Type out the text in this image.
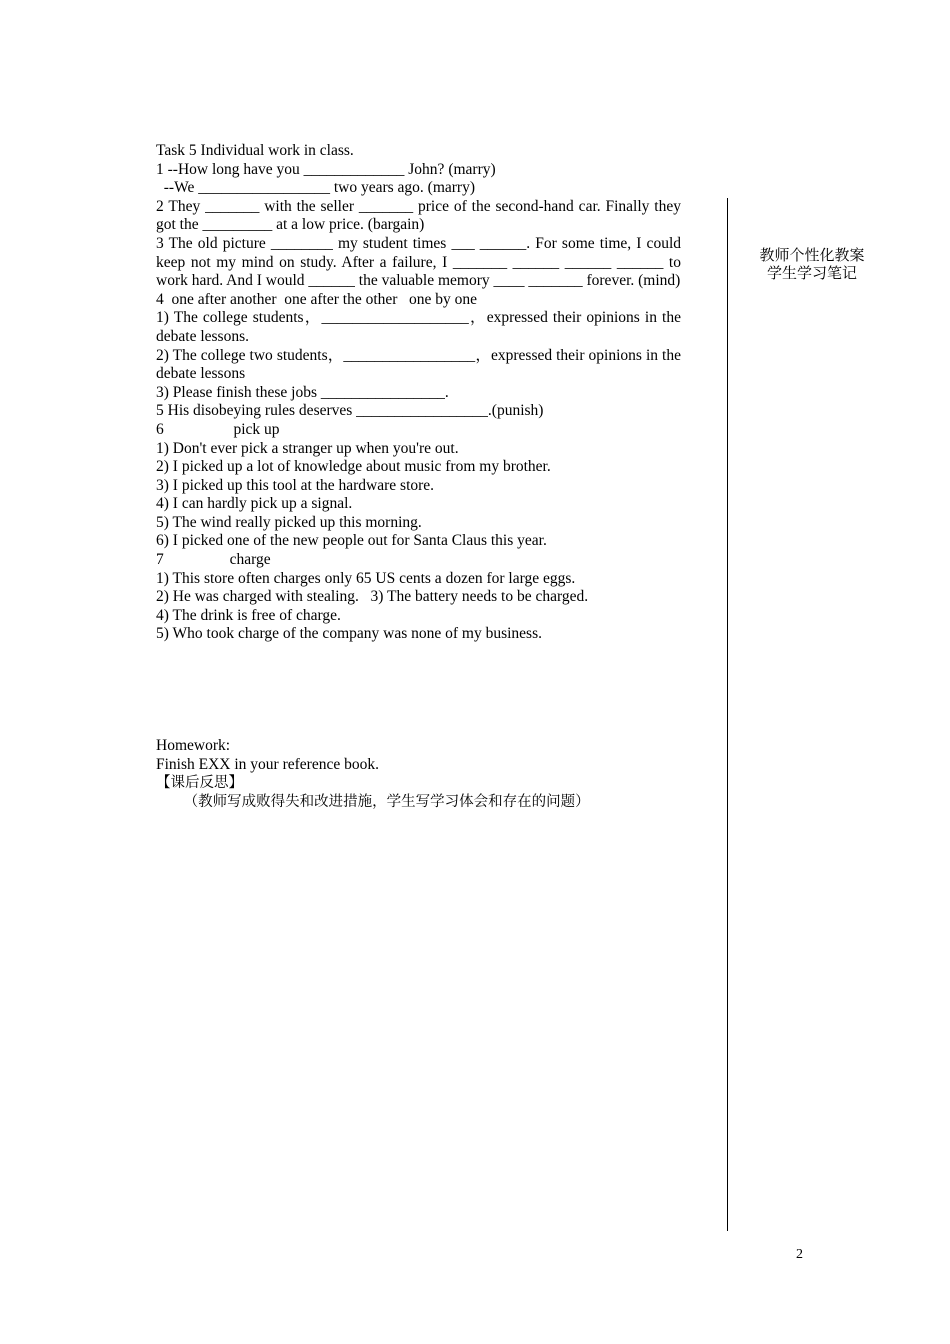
Task 5 Individual work in class.
1 --How long have you _____________ John? (marry)
--We _________________ two years ago. (marry)
2 They _______ with the seller _______ price of the second-hand car. Finally they got the _________ at a low price. (bargain)
3 The old picture ________ my student times ___ ______. For some time, I could keep not my mind on study. After a failure, I _______ ______ ______ ______ to work hard. And I would ______ the valuable memory ____ _______ forever. (mind)
4  one after another  one after the other   one by one
1) The college students，___________________，expressed their opinions in the debate lessons.
2) The college two students，_________________，expressed their opinions in the debate lessons
3) Please finish these jobs ________________.
5 His disobeying rules deserves _________________.(punish)
6                  pick up
1) Don't ever pick a stranger up when you're out.
2) I picked up a lot of knowledge about music from my brother.
3) I picked up this tool at the hardware store.
4) I can hardly pick up a signal.
5) The wind really picked up this morning.
6) I picked one of the new people out for Santa Claus this year.
7                 charge
1) This store often charges only 65 US cents a dozen for large eggs.
2) He was charged with stealing.   3) The battery needs to be charged.
4) The drink is free of charge.
5) Who took charge of the company was none of my business.
Homework:
Finish EXX in your reference book.
【课后反思】
（教师写成败得失和改进措施，学生写学习体会和存在的问题）
教师个性化教案
学生学习笔记
2
